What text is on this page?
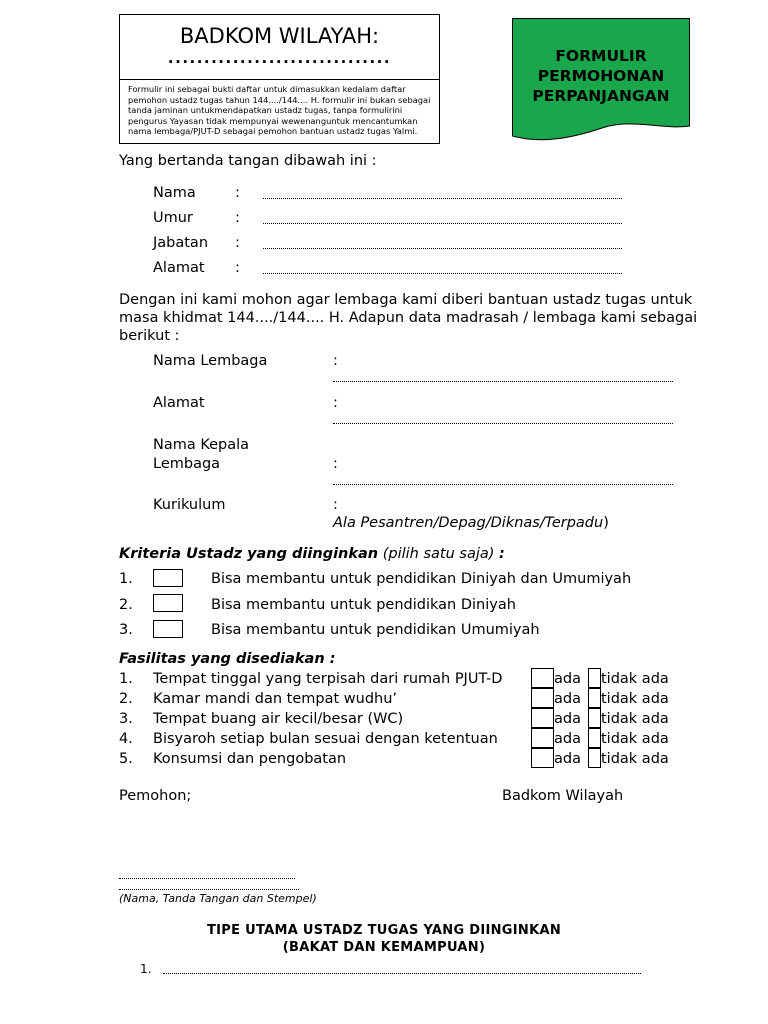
BADKOM WILAYAH:
...............................
Formulir ini sebagai bukti daftar untuk dimasukkan kedalam daftar pemohon ustadz tugas tahun 144..../144.... H. formulir ini bukan sebagai tanda jaminan untukmendapatkan ustadz tugas, tanpa formulirini pengurus Yayasan tidak mempunyai wewenanguntuk mencantumkan nama lembaga/PJUT-D sebagai pemohon bantuan ustadz tugas Yalmi.
FORMULIR
PERMOHONAN
PERPANJANGAN
Yang bertanda tangan dibawah ini :
Nama	:
Umur	:
Jabatan :
Alamat :
Dengan ini kami mohon agar lembaga kami diberi bantuan ustadz tugas untuk
masa khidmat 144..../144.... H. Adapun data madrasah / lembaga kami sebagai
berikut :
Nama Lembaga	:
Alamat	:
Nama Kepala
Lembaga	:
Kurikulum	:
Ala Pesantren/Depag/Diknas/Terpadu)
Kriteria Ustadz yang diinginkan (pilih satu saja) :
1.	Bisa membantu untuk pendidikan Diniyah dan Umumiyah
2.	Bisa membantu untuk pendidikan Diniyah
3.	Bisa membantu untuk pendidikan Umumiyah
Fasilitas yang disediakan :
1. Tempat tinggal yang terpisah dari rumah PJUT-D	ada tidak ada
2. Kamar mandi dan tempat wudhu’	ada tidak ada
3. Tempat buang air kecil/besar (WC)	ada tidak ada
4. Bisyaroh setiap bulan sesuai dengan ketentuan	ada tidak ada
5. Konsumsi dan pengobatan	ada tidak ada
Pemohon;	Badkom Wilayah
(Nama, Tanda Tangan dan Stempel)
TIPE UTAMA USTADZ TUGAS YANG DIINGINKAN
(BAKAT DAN KEMAMPUAN)
1.
